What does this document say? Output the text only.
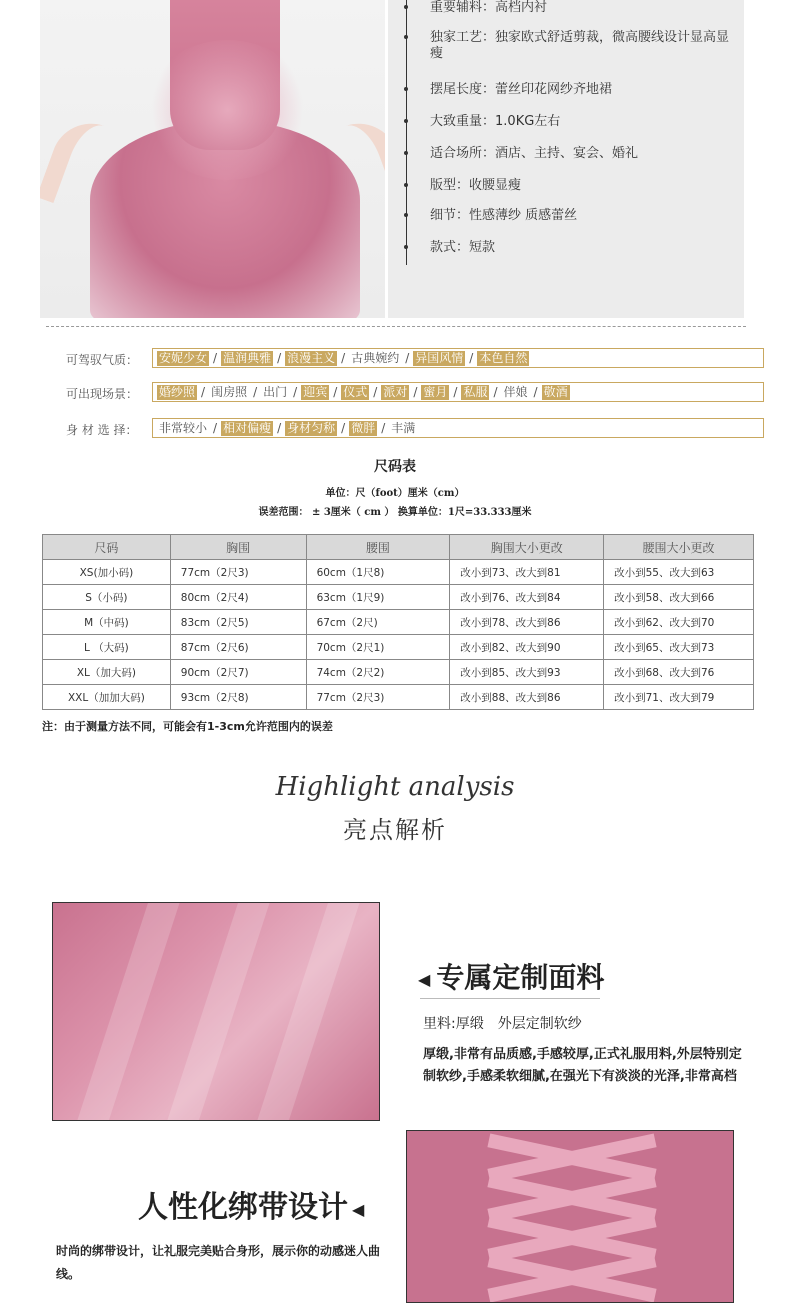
重要辅料：高档内衬
独家工艺：独家欧式舒适剪裁，微高腰线设计显高显瘦
摆尾长度：蕾丝印花网纱齐地裙
大致重量：1.0KG左右
适合场所：酒店、主持、宴会、婚礼
版型：收腰显瘦
细节：性感薄纱 质感蕾丝
款式：短款
可驾驭气质： 安妮少女 / 温润典雅 / 浪漫主义 / 古典婉约 / 异国风情 / 本色自然
可出现场景： 婚纱照 / 闺房照 / 出门 / 迎宾 / 仪式 / 派对 / 蜜月 / 私服 / 伴娘 / 敬酒
身 材 选 择： 非常较小 / 相对偏瘦 / 身材匀称 / 微胖 / 丰满
尺码表
单位：尺（foot）厘米（cm）
误差范围： ± 3厘米（ cm ） 换算单位：1尺=33.333厘米
尺码	胸围	腰围	胸围大小更改	腰围大小更改
XS(加小码)	77cm（2尺3)	60cm（1尺8)	改小到73、改大到81	改小到55、改大到63
S（小码)	80cm（2尺4)	63cm（1尺9)	改小到76、改大到84	改小到58、改大到66
M（中码)	83cm（2尺5)	67cm（2尺)	改小到78、改大到86	改小到62、改大到70
L （大码)	87cm（2尺6)	70cm（2尺1)	改小到82、改大到90	改小到65、改大到73
XL（加大码)	90cm（2尺7)	74cm（2尺2)	改小到85、改大到93	改小到68、改大到76
XXL（加加大码)	93cm（2尺8)	77cm（2尺3)	改小到88、改大到86	改小到71、改大到79
注：由于测量方法不同，可能会有1-3cm允许范围内的误差
Highlight analysis
亮点解析
◀ 专属定制面料
里料:厚缎 外层定制软纱
厚缎,非常有品质感,手感较厚,正式礼服用料,外层特别定制软纱,手感柔软细腻,在强光下有淡淡的光泽,非常高档
人性化绑带设计 ◀
时尚的绑带设计，让礼服完美贴合身形，展示你的动感迷人曲线。
